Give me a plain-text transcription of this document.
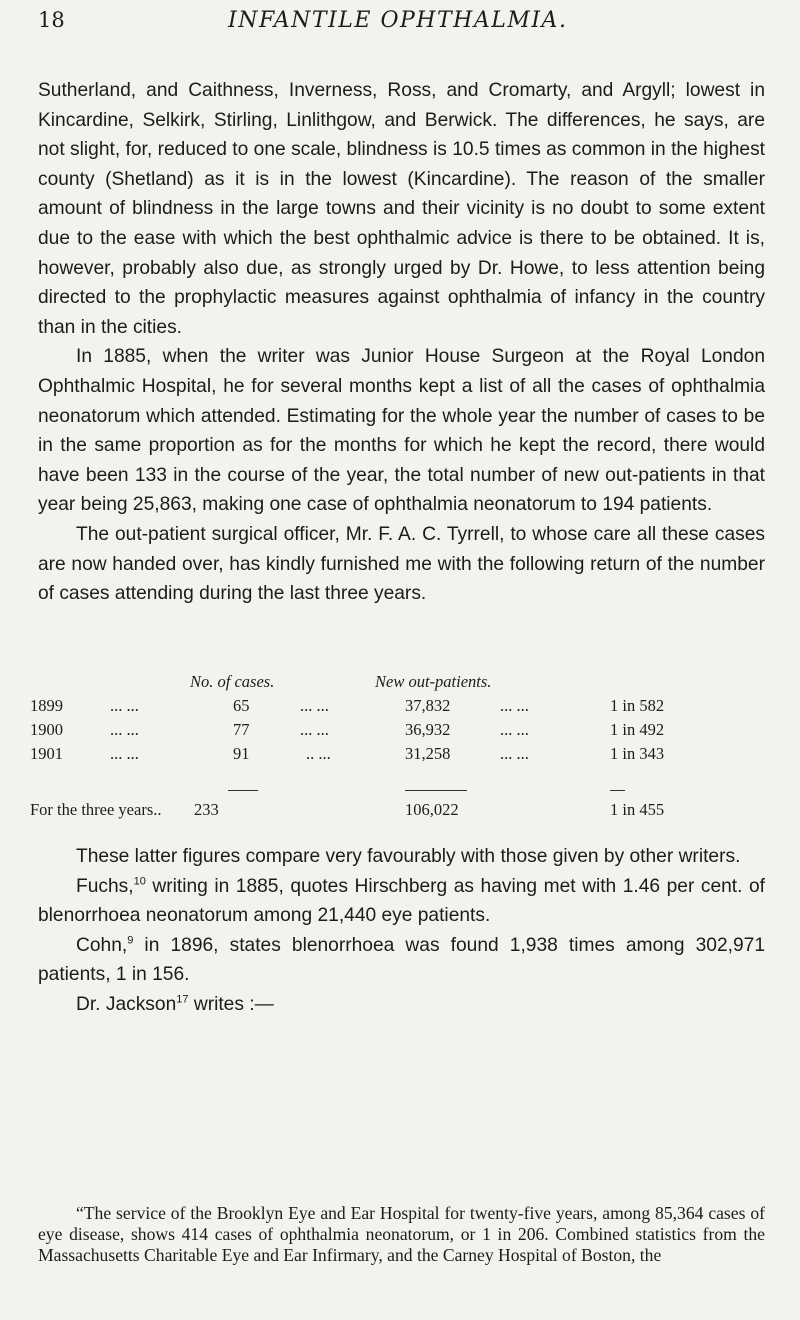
18	INFANTILE OPHTHALMIA.

Sutherland, and Caithness, Inverness, Ross, and Cromarty, and Argyll; lowest in Kincardine, Selkirk, Stirling, Linlithgow, and Berwick. The differences, he says, are not slight, for, reduced to one scale, blindness is 10.5 times as common in the highest county (Shetland) as it is in the lowest (Kincardine). The reason of the smaller amount of blindness in the large towns and their vicinity is no doubt to some extent due to the ease with which the best ophthalmic advice is there to be obtained. It is, however, probably also due, as strongly urged by Dr. Howe, to less attention being directed to the prophylactic measures against ophthalmia of infancy in the country than in the cities.

In 1885, when the writer was Junior House Surgeon at the Royal London Ophthalmic Hospital, he for several months kept a list of all the cases of ophthalmia neonatorum which attended. Estimating for the whole year the number of cases to be in the same proportion as for the months for which he kept the record, there would have been 133 in the course of the year, the total number of new out-patients in that year being 25,863, making one case of ophthalmia neonatorum to 194 patients.

The out-patient surgical officer, Mr. F. A. C. Tyrrell, to whose care all these cases are now handed over, has kindly furnished me with the following return of the number of cases attending during the last three years.

No. of cases.	New out-patients.
1899	... ...	65	... ...	37,832	... ...	1 in 582
1900	... ...	77	... ...	36,932	... ...	1 in 492
1901	... ...	91	.. ...	31,258	... ...	1 in 343
For the three years.. 233	106,022	1 in 455

These latter figures compare very favourably with those given by other writers.

Fuchs,$^{10}$ writing in 1885, quotes Hirschberg as having met with 1.46 per cent. of blenorrhoea neonatorum among 21,440 eye patients.

Cohn,$^9$ in 1896, states blenorrhoea was found 1,938 times among 302,971 patients, 1 in 156.

Dr. Jackson$^{17}$ writes :—

“The service of the Brooklyn Eye and Ear Hospital for twenty-five years, among 85,364 cases of eye disease, shows 414 cases of ophthalmia neonatorum, or 1 in 206. Combined statistics from the Massachusetts Charitable Eye and Ear Infirmary, and the Carney Hospital of Boston, the
